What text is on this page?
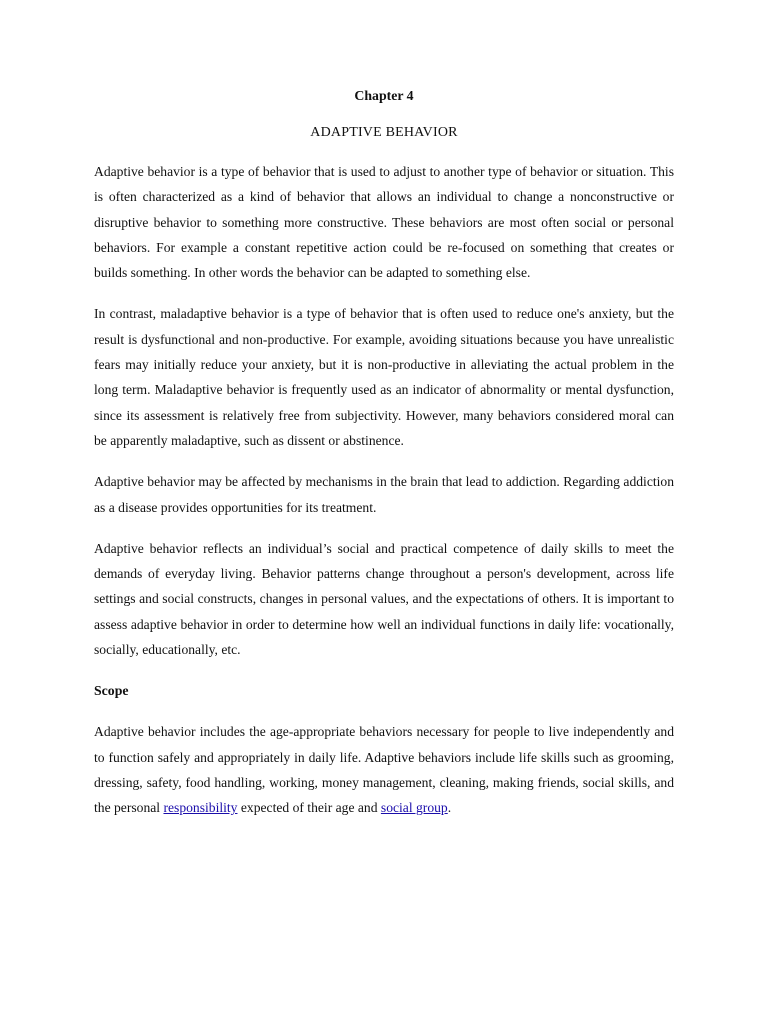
Chapter 4

ADAPTIVE BEHAVIOR

Adaptive behavior is a type of behavior that is used to adjust to another type of behavior or situation. This is often characterized as a kind of behavior that allows an individual to change a nonconstructive or disruptive behavior to something more constructive. These behaviors are most often social or personal behaviors. For example a constant repetitive action could be re-focused on something that creates or builds something. In other words the behavior can be adapted to something else.

In contrast, maladaptive behavior is a type of behavior that is often used to reduce one's anxiety, but the result is dysfunctional and non-productive. For example, avoiding situations because you have unrealistic fears may initially reduce your anxiety, but it is non-productive in alleviating the actual problem in the long term. Maladaptive behavior is frequently used as an indicator of abnormality or mental dysfunction, since its assessment is relatively free from subjectivity. However, many behaviors considered moral can be apparently maladaptive, such as dissent or abstinence.

Adaptive behavior may be affected by mechanisms in the brain that lead to addiction. Regarding addiction as a disease provides opportunities for its treatment.

Adaptive behavior reflects an individual’s social and practical competence of daily skills to meet the demands of everyday living. Behavior patterns change throughout a person's development, across life settings and social constructs, changes in personal values, and the expectations of others. It is important to assess adaptive behavior in order to determine how well an individual functions in daily life: vocationally, socially, educationally, etc.

Scope

Adaptive behavior includes the age-appropriate behaviors necessary for people to live independently and to function safely and appropriately in daily life. Adaptive behaviors include life skills such as grooming, dressing, safety, food handling, working, money management, cleaning, making friends, social skills, and the personal responsibility expected of their age and social group.
